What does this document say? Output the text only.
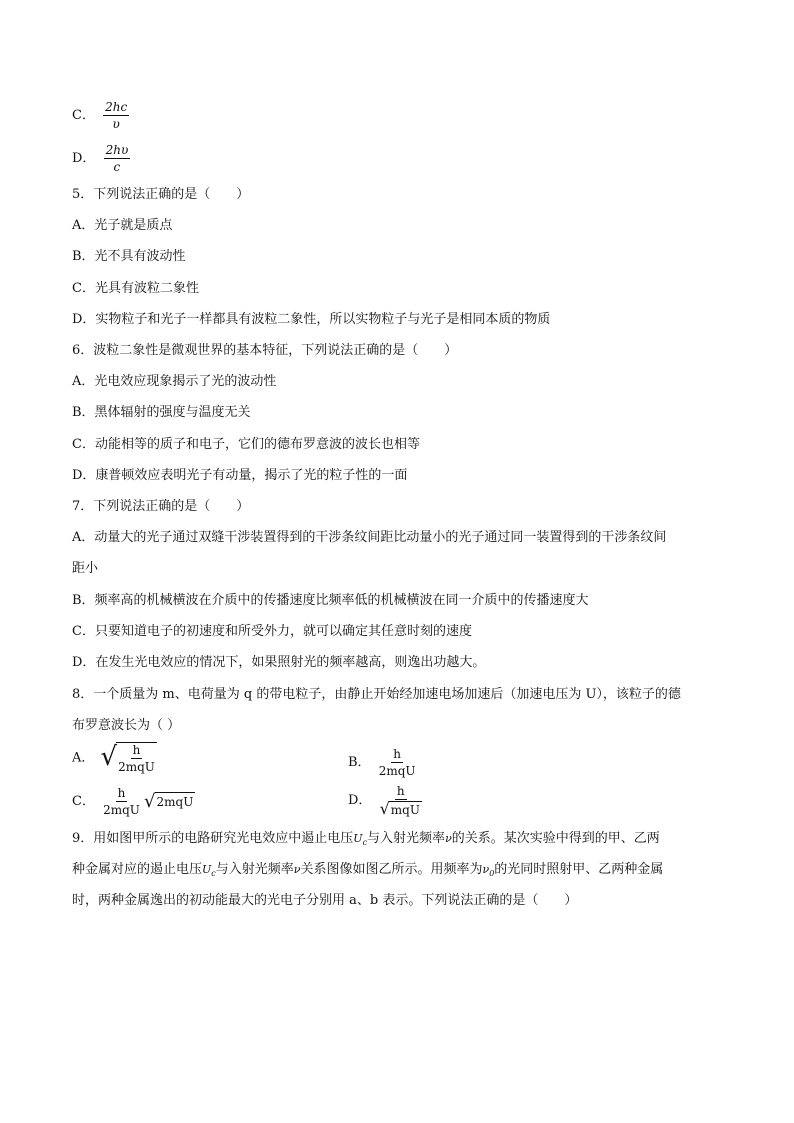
C． $\frac{2hc}{\upsilon}$
D． $\frac{2h\upsilon}{c}$
5．下列说法正确的是（　　）
A．光子就是质点
B．光不具有波动性
C．光具有波粒二象性
D．实物粒子和光子一样都具有波粒二象性，所以实物粒子与光子是相同本质的物质
6．波粒二象性是微观世界的基本特征，下列说法正确的是（　　）
A．光电效应现象揭示了光的波动性
B．黑体辐射的强度与温度无关
C．动能相等的质子和电子，它们的德布罗意波的波长也相等
D．康普顿效应表明光子有动量，揭示了光的粒子性的一面
7．下列说法正确的是（　　）
A．动量大的光子通过双缝干涉装置得到的干涉条纹间距比动量小的光子通过同一装置得到的干涉条纹间
距小
B．频率高的机械横波在介质中的传播速度比频率低的机械横波在同一介质中的传播速度大
C．只要知道电子的初速度和所受外力，就可以确定其任意时刻的速度
D．在发生光电效应的情况下，如果照射光的频率越高，则逸出功越大。
8．一个质量为 m、电荷量为 q 的带电粒子，由静止开始经加速电场加速后（加速电压为 U），该粒子的德
布罗意波长为（ ）
A． √ $\frac{h}{\text{2mqU}}$	B． $\frac{h}{\text{2mqU}}$
C． $\frac{h}{\text{2mqU}}$
√ 2mqU	D． $\frac{h}{\text{√ mqU}}$
9．用如图甲所示的电路研究光电效应中遏止电压$U_c$与入射光频率ν的关系。某次实验中得到的甲、乙两
种金属对应的遏止电压$U_c$与入射光频率ν关系图像如图乙所示。用频率为$\nu_0$的光同时照射甲、乙两种金属
时，两种金属逸出的初动能最大的光电子分别用 a、b 表示。下列说法正确的是（　　）
